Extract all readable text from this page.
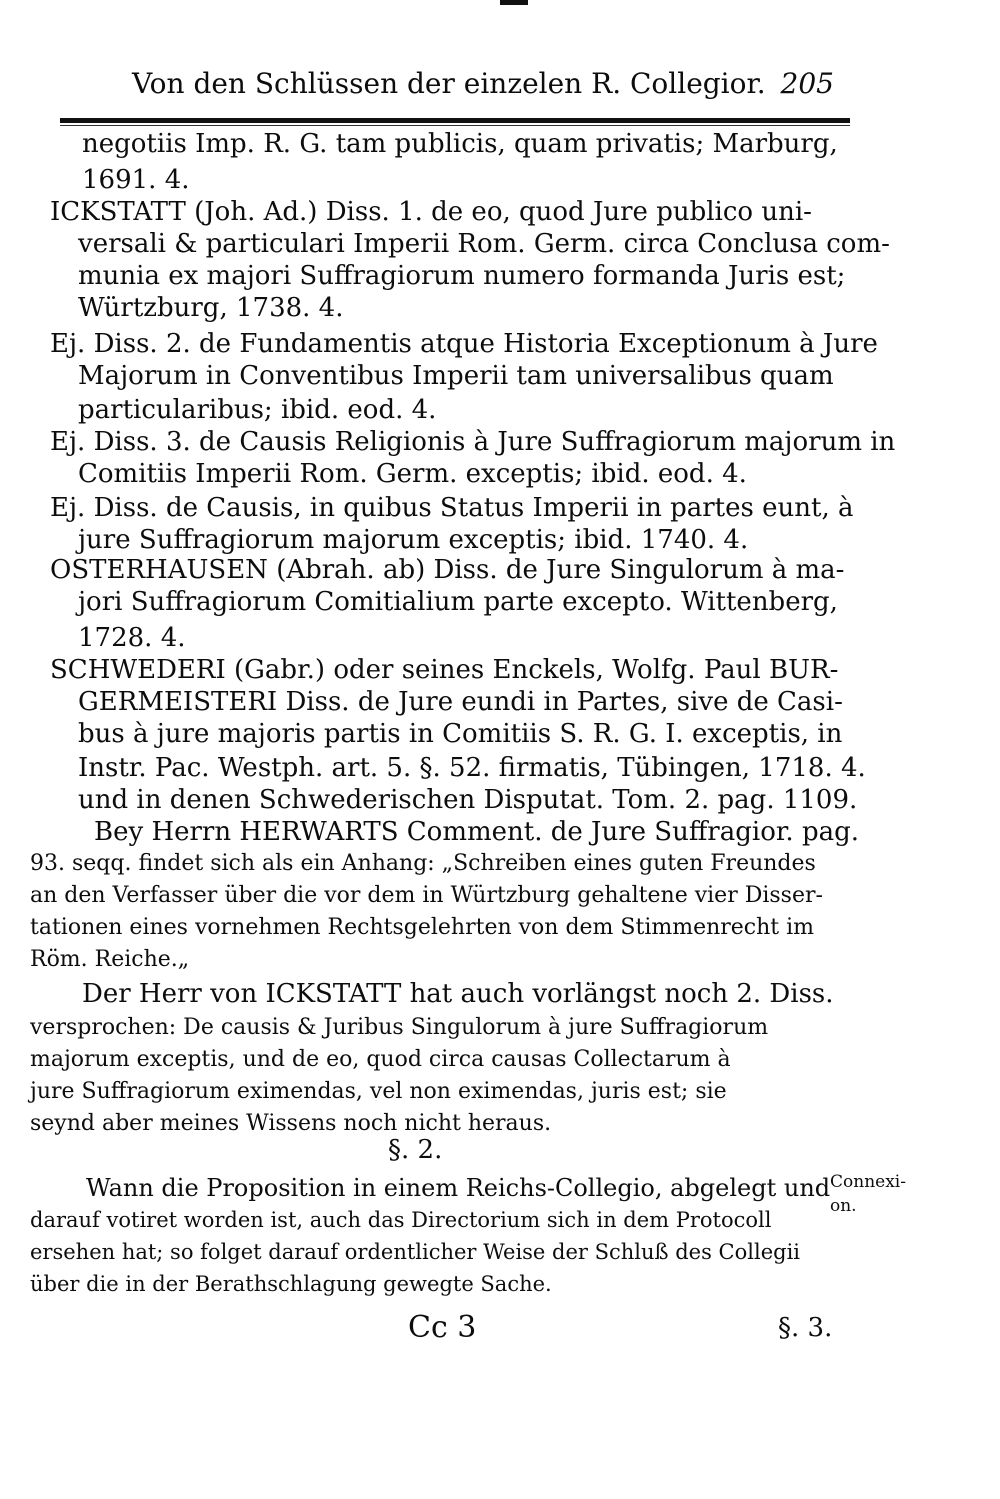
Von den Schlüssen der einzelen R. Collegior. 205
negotiis Imp. R. G. tam publicis, quam privatis; Marburg,
1691. 4.
ICKSTATT (Joh. Ad.) Diss. 1. de eo, quod Jure publico uni-
versali & particulari Imperii Rom. Germ. circa Conclusa com-
munia ex majori Suffragiorum numero formanda Juris est;
Würtzburg, 1738. 4.
Ej. Diss. 2. de Fundamentis atque Historia Exceptionum à Jure
Majorum in Conventibus Imperii tam universalibus quam
particularibus; ibid. eod. 4.
Ej. Diss. 3. de Causis Religionis à Jure Suffragiorum majorum in
Comitiis Imperii Rom. Germ. exceptis; ibid. eod. 4.
Ej. Diss. de Causis, in quibus Status Imperii in partes eunt, à
jure Suffragiorum majorum exceptis; ibid. 1740. 4.
OSTERHAUSEN (Abrah. ab) Diss. de Jure Singulorum à ma-
jori Suffragiorum Comitialium parte excepto. Wittenberg,
1728. 4.
SCHWEDERI (Gabr.) oder seines Enckels, Wolfg. Paul BUR-
GERMEISTERI Diss. de Jure eundi in Partes, sive de Casi-
bus à jure majoris partis in Comitiis S. R. G. I. exceptis, in
Instr. Pac. Westph. art. 5. §. 52. firmatis, Tübingen, 1718. 4.
und in denen Schwederischen Disputat. Tom. 2. pag. 1109.
Bey Herrn HERWARTS Comment. de Jure Suffragior. pag.
93. seqq. findet sich als ein Anhang: „Schreiben eines guten Freundes
an den Verfasser über die vor dem in Würtzburg gehaltene vier Disser-
tationen eines vornehmen Rechtsgelehrten von dem Stimmenrecht im
Röm. Reiche.„
Der Herr von ICKSTATT hat auch vorlängst noch 2. Diss.
versprochen: De causis & Juribus Singulorum à jure Suffragiorum
majorum exceptis, und de eo, quod circa causas Collectarum à
jure Suffragiorum eximendas, vel non eximendas, juris est; sie
seynd aber meines Wissens noch nicht heraus.
§. 2.
Wann die Proposition in einem Reichs-Collegio, abgelegt und
darauf votiret worden ist, auch das Directorium sich in dem Protocoll
ersehen hat; so folget darauf ordentlicher Weise der Schluß des Collegii
über die in der Berathschlagung gewegte Sache.
Connexi-
on.
Cc 3	§. 3.
